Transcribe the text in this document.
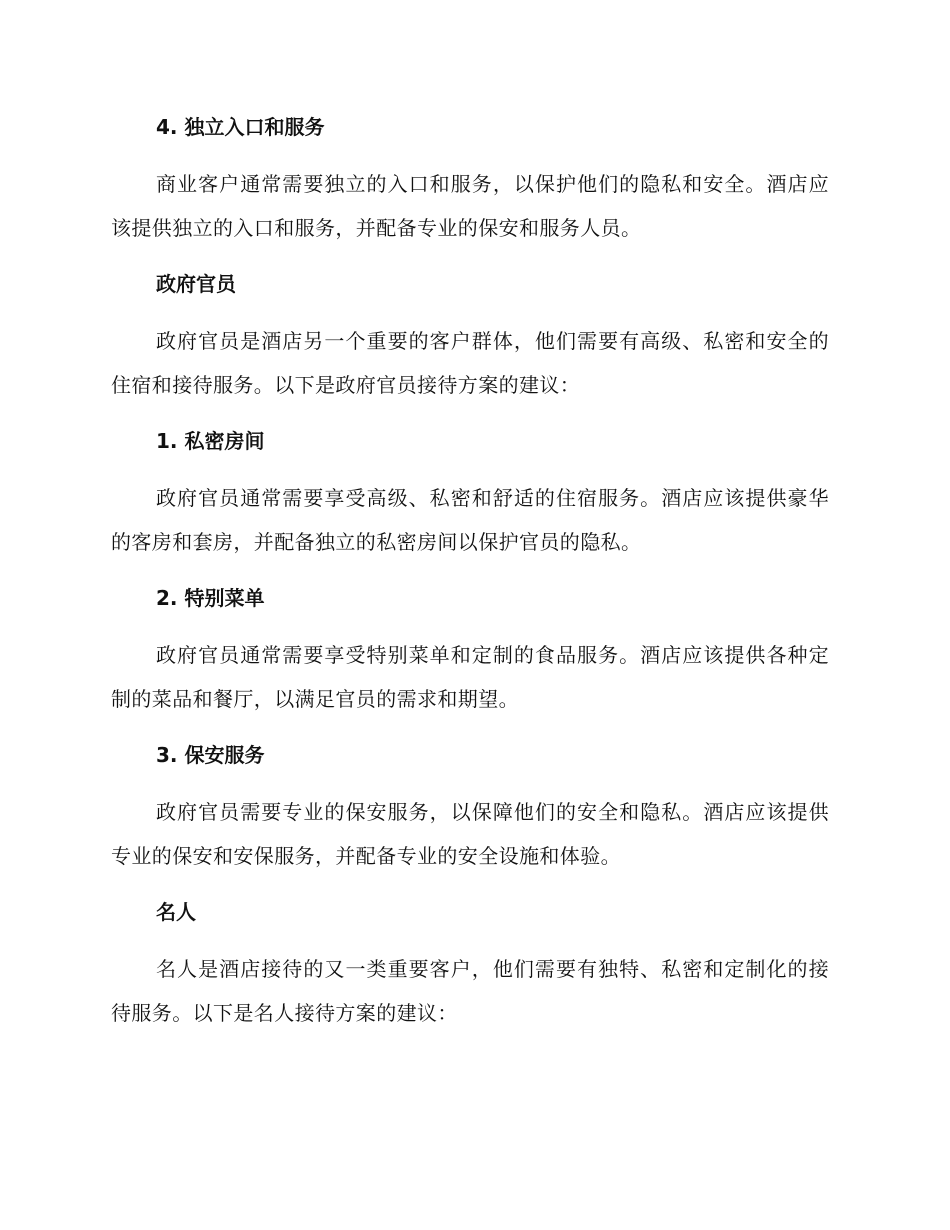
4. 独立入口和服务

商业客户通常需要独立的入口和服务，以保护他们的隐私和安全。酒店应该提供独立的入口和服务，并配备专业的保安和服务人员。

政府官员

政府官员是酒店另一个重要的客户群体，他们需要有高级、私密和安全的住宿和接待服务。以下是政府官员接待方案的建议：

1. 私密房间

政府官员通常需要享受高级、私密和舒适的住宿服务。酒店应该提供豪华的客房和套房，并配备独立的私密房间以保护官员的隐私。

2. 特别菜单

政府官员通常需要享受特别菜单和定制的食品服务。酒店应该提供各种定制的菜品和餐厅，以满足官员的需求和期望。

3. 保安服务

政府官员需要专业的保安服务，以保障他们的安全和隐私。酒店应该提供专业的保安和安保服务，并配备专业的安全设施和体验。

名人

名人是酒店接待的又一类重要客户，他们需要有独特、私密和定制化的接待服务。以下是名人接待方案的建议：
